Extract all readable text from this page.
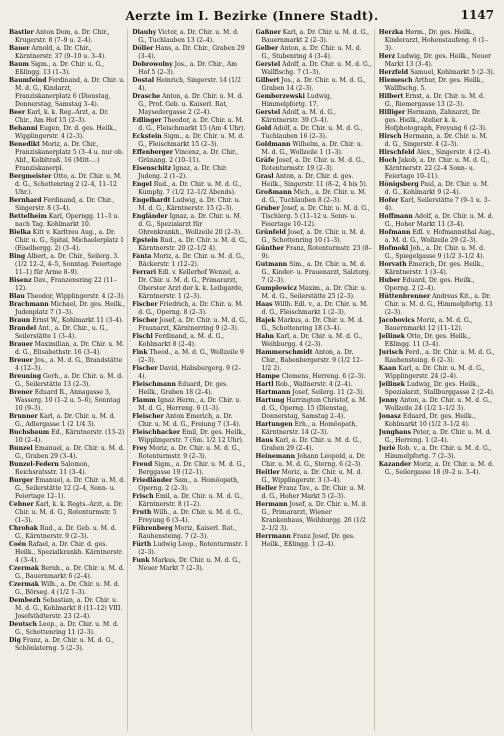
Aerzte im I. Bezirke (Innere Stadt).	1147

Bastler Anton Dom, a. Dr. Chir., Krugerstr. 8 (7–9 u. 2–4).

Bauer Arnold, a. Dr. Chir., Kärntnerstr. 37 (9–10 u. 3–4).

Baum Sigm., a. Dr. Chir. u. G., Eßlingg. 13 (1–3).

Baumfeind Ferdinand, a. Dr. Chir. u. M. d. G., Kindarzt, Franziskanerplatz 6 (Dienstag, Donnerstag, Samstag 3–4).

Beer Karl, k. k. Reg.-Arzt, a. Dr. Chir., Am Hof 15 (2–3).

Behanni Eugen, Dr. d. ges. Heilk., Wipplingerstr. 4 (2–3).

Benedikt Moriz, a. Dr. Chir., Franziskanerplatz 5 (3–4 u. nur ob. Abf., Kolbltraß. 16 (Mitt-...) Franziskanerpl.

Bergmeister Otto, a. Dr. Chir. u. M. d. G., Schottenring 2 (2–4, 11–12 Uhr.).

Bernhard Ferdinand, a. Dr. Chir., Singerstr. 8 (3–4).

Bettelheim Karl, Operngg. 11–3 u. nach Tag. Kohlmarkt 10.

Bielka Kitt v. Karltreu Aug., a. Dr. Chir. u. G., Spital, Michaelerplatz 1 (Eiselbergg. 2) (3–4).

Bing Albert, a. Dr. Chir., Seilerg. 3. (1/2 12–2, 4–5, Sonntag. Feiertage 11–1) für Arme 8–9).

Bisenz Dav., Franzensring 22 (11–12).

Blau Theodor, Wipplingerstr. 4 (2–3).

Brachmann Michael, Dr. ges. Heilk., Judenplatz 7 (1–3).

Braun Ernst W., Kohlmarkt 11 (3–4).

Brandel Ant., a. Dr. Chir., u. G., Seilerstätte 1 (3–4).

Brauer Maximilian, a. Dr. Chir. u. M. d. G., Elisabethstr. 16 (3–4).

Breuer Jos., a. M. d. G., Brandstätte 4 (12–3).

Breuning Gerh., a. Dr. Chir. u. M. d. G., Seilerstätte 13 (2–3).

Brener Eduard R., Annagasse 3, Wasserg. 10 (1–2 u. 5–6), Sonntag 10 (9–3).

Brunner Karl, a. Dr. Chir. u. M. d. G., Adlergasse 1 (2 1/4 3).

Buchsbaum Ed., Kärntnerstr. (13–2) 10 (2–4).

Bunzel Emanuel, a. Dr. Chir. u. M. d. G., Graben 29 (3–4).

Bunzel-Federn Salomon, Reichsratsstr. 11 (3–4).

Burger Emanuel, a. Dr. Chir. u. M. d. G., Seilerstätte 12 (2–4, Sonn- u. Feiertage 12–1).

Cehner Karl, k. k. Regts.-Arzt, a. Dr. Chir. u. M. d. G., Rotenturmstr. 5 (1–3).

Chrobak Rud., a. Dr. Geb. u. M. d. G., Kärntnerstr. 9 (2–3).

Coën Rafael, a. Dr. Chir. d. ges. Heilk., Spezialkrankh. Kärntnerstr. 4 (3–4).

Czermak Bernh., a. Dr. Chir. u. M. d. G., Bauernmarkt 6 (2–4).

Czermak Wilh., a. Dr. Chir. u. M. d. G., Börseg. 4 (1/2 1–3).

Dembezh Sebastian, a. Dr. Chir. u. M. d. G., Kohlmarkt 8 (11–12) VIII. Josefstädterstr. 23 (2–4).

Deutsch Leop., a. Dr. Chir. u. M. d. G., Schottenring 11 (2–3).

Dig Franz, a. Dr. Chir. u. M. d. G., Schönlaterng. 5 (2–3).

Dlauhy Victor, a. Dr. Chir. u. M. d. G., Tuchlauben 13 (2–4).

Döller Hans, a. Dr. Chir., Graben 29 (3–4).

Dobrowolny Jos., a. Dr. Chir., Am Hof 5 (2–3).

Dostal Heinrich, Singerstr. 14 (1/2 4).

Drasche Anton, a. Dr. Chir. u. M. d. G., Prof. Geb. u. Kaiserl. Rat, Maysedergasse 2 (2–4).

Edlinger Theodor, a. Dr. Chir. u. M. d. G., Fleischmarkt 15 (Am 4 Uhr).

Eckstein Sigm., a. Dr. Chir. u. M. d. G., Fleischmarkt 15 (2–3).

Effenberger Vincenz, a. Dr. Chir., Grünang. 2 (10–11).

Eisenschitz Ignaz, a. Dr. Chir. Judeng. 2 (1–2).

Engel Rud., a. Dr. Chir. u. M. d. G., Kumpfg. 7 (1/2 12–1/2 Abends).

Engelhardt Ludwig, a. Dr. Chir. u. M. d. G., Kärntnerstr. 15 (2–3).

Engländer Ignaz, a. Dr. Chir. u. M. d. G., Spezialarzt für Ohrenkrankh., Wollzeile 20 (2–3).

Epstein Rud., a. Dr. Chir. u. M. d. G., Kärntnerstr. 20 (2–1/2 4).

Fanta Moriz, a. Dr. Chir. u. M. d. G., Bäckerstr. 1 (12–2).

Ferrari Edl. v. Kellerhof Wenzel, a. Dr. Chir. u. M. d. G., Primararzt, Oberster Arzt der k. k. Leibgarde, Kärntnerstr. 1 (2–3).

Fischer Friedrich, a. Dr. Chir. u. M. d. G., Operng. 8 (2–3).

Fischer Josef, a. Dr. Chir. u. M. d. G., Fraunarzt, Kärntnerring 9 (2–3).

Fischl Ferdinand, a. M. d. G., Kohlmarkt 8 (2–4).

Fink Theod., a. M. d. G., Wollzeile 9 (2–3).

Fischer David, Habsburgerg. 9 (2–4).

Fleischmann Eduard, Dr. ges. Heilk., Graben 18 (2–4).

Flamm Ignaz Herm., a. Dr. Chir. u. M. d. G., Herreng. 6 (1–3).

Fleischer Anton Emerich, a. Dr. Chir. u. M. d. G., Freiung 7 (3–4).

Fleischhacker Emil, Dr. ges. Heilk., Wipplingerstr. 7 (Sm. 1/2 12 Uhr).

Frey Moriz, a. Dr. Chir. u. M. d. G., Rotenturmstr. 9 (2–3).

Freud Sigm., a. Dr. Chir. u. M. d. G., Berggasse 19 (12–1).

Friedländer Sam., a. Homöopath, Operng. 2 (2–3).

Frisch Emil, a. Dr. Chir. u. M. d. G., Kärntnerstr. 8 (1–2).

Fruth Wilh., a. Dr. Chir. u. M. d. G., Freyung 6 (3–4).

Führenberg Moriz, Kaiserl. Rat., Rauhensteing. 7 (2–3).

Fürth Ludwig Leop., Rotenturmstr. 1 (2–3).

Funk Markus, Dr. Chir. u. M. d. G., Neuer Markt 7 (2–3).

Gaßner Karl, a. Dr. Chir. u. M. d. G., Bauernmarkt 2 (2–3).

Gelber Anton, a. Dr. Chir. u. M. d. G., Stubenring 4 (3–4).

Gerstel Adolf, a. Dr. Chir. u. M. d. G., Wallfischg. 7 (1–3).

Gilbert Jos., a. Dr. Chir. u. M. d. G., Graben 14 (2–3).

Gemberzewski Ludwig, Himmelpfortg. 17.

Gerstel Adolf, a. M. d. G., Kärntnerstr. 39 (3–4).

Gold Adolf, a. Dr. Chir. u. M. d. G., Tuchlauben 16 (2–3).

Goldmann Wilhelm, a. Dr. Chir. u. M. d. G., Wollzeile 1 (1–3).

Gräfe Josef, a. Dr. Chir. u. M. d. G., Rotenturmstr. 19 (2–3).

Grasl Anton, a. Dr. Chir. d. ges. Heilk., Singerstr. 11 (8–2, 4 bis 5).

Großmann Mich., a. Dr. Chir. u. M. d. G., Tuchlauben 8 (2–3).

Gruber Josef, a. Dr. Chir. u. M. d. G., Tischlerg. 5 (11–12 u. Sonn- u. Feiertage 10–12).

Grünfeld Josef, a. Dr. Chir. u. M. d. G., Schottenring 10 (1–3).

Günther Franz, Rotenturmstr. 23 (8–9).

Gutmann Sim., a. Dr. Chir. u. M. d. G., Kinder- u. Frauenarzt, Salztorg. 7 (2–3).

Gumplowicz Maxim., a. Dr. Chir. u. M. d. G., Seilerstätte 25 (2–3).

Haas Willh. Edl. v., a. Dr. Chir. u. M. d. G., Fleischmarkt 1 (2–3).

Hajek Markus, a. Dr. Chir. u. M. d. G., Schottenring 18 (3–4).

Hahn Karl, a. Dr. Chir. u. M. d. G., Weihburgg. 4 (2–3).

Hammerschmidt Anton, a. Dr. Chir., Babenbergerstr. 9 (1/2 12–1/2 2).

Hampe Clemens, Herreng. 6 (2–3).

Hartl Rob., Wallnerstr. 4 (2–4).

Hartmann Josef, Seilerg. 11 (2–3).

Hartung Harrington Christof, a. M. d. G., Operng. 15 (Dienstag, Donnerstag, Samstag 2–4).

Hartungen Erh., a. Homöopath, Kärntnerstr. 14 (2–3).

Haus Karl, a. Dr. Chir. u. M. d. G., Graben 29 (2–4).

Heinemann Johann Leopold, a. Dr. Chir. u. M. d. G., Sterng. 6 (2–3).

Heitler Moriz, a. Dr. Chir. u. M. d. G., Wipplingerstr. 3 (3–4).

Heller Franz Tav., a. Dr. Chir. u. M. d. G., Hoher Markt 5 (2–3).

Hermann Josef, a. Dr. Chir. u. M. d. G., Primararzt, Wiener Krankenhaus, Weihburgg. 26 (1/2 2–1/2 3).

Herrmann Franz Josef, Dr. ges. Heilk., Eßlingg. 1 (2–4).

Herzka Herm., Dr. ges. Heilk., Kinderarzt, Hohenstaufeng. 6 (1–3).

Herz Ludwig, Dr. ges. Heilk., Neuer Markt 13 (3–4).

Herzfeld Samuel, Kohlmarkt 5 (2–3).

Hiemesch Arthur, Dr. ges. Heilk., Wallfischg. 5.

Hilbert Ernst, a. Dr. Chir. u. M. d. G., Riemergasse 13 (2–3).

Hilliger Hermann, Zahnarzt, Dr. ges. Heilk., Atelier k. k. Hofphotograph, Freyung 6 (2–3).

Hirsch Hermann, a. Dr. Chir. u. M. d. G., Singerstr. 4 (2–3).

Hirschfeld Alex., Singerstr. 4 (2–4).

Hoch Jakob, a. Dr. Chir. u. M. d. G., Kärntnerstr. 22 (2–4 Sonn- u. Feiertage 10–11).

Hönigsberg Paul, a. Dr. Chir. u. M. d. G., Kohlmarkt 9 (2–4).

Hofer Karl, Seilerstätte 7 (9–1 u. 3–4).

Hoffmann Adolf, a. Dr. Chir. u. M. d. G., Hoher Markt 11 (3–4).

Hofmann Edl. v. Hofmannsthal Aug., a. M. d. G., Wollzeile 29 (2–3).

Hofmokl Joh., a. Dr. Chir. u. M. d. G., Spiegelgasse 9 (1/2 3–1/2 4).

Horvath Emerich, Dr. ges. Heilk., Kärntnerstr. 1 (3–4).

Huber Eduard, Dr. ges. Heilk., Operng. 2 (2–4).

Hüttenbrenner Andreas Kit., a. Dr. Chir. u. M. d. G., Himmelpfortg. 13 (2–3).

Jacobovics Moriz, a. M. d. G., Bauernmarkt 12 (11–12).

Jellinek Otto, Dr. ges. Heilk., Eßlingg. 11 (3–4).

Jurisch Ferd., a. Dr. Chir. u. M. d. G., Rauhensteing. 6 (2–3).

Kaan Karl, a. Dr. Chir. u. M. d. G., Wipplingerstr. 24 (2–4).

Jellinek Ludwig, Dr. ges. Heilk., Spezialarzt, Stallburggasse 2 (2–4).

Jenny Anton, a. Dr. Chir. u. M. d. G., Wollzeile 24 (1/2 1–1/2 3).

Jonasz Eduard, Dr. ges. Heilk., Kohlmarkt 10 (1/2 3–1/2 4).

Junghans Peter, a. Dr. Chir. u. M. d. G., Herreng. 1 (2–4).

Jurié Rob. v., a. Dr. Chir. u. M. d. G., Himmelpfortg. 7 (2–3).

Kazander Moriz, a. Dr. Chir. u. M. d. G., Seilergasse 18 (9–2 u. 3–4).
